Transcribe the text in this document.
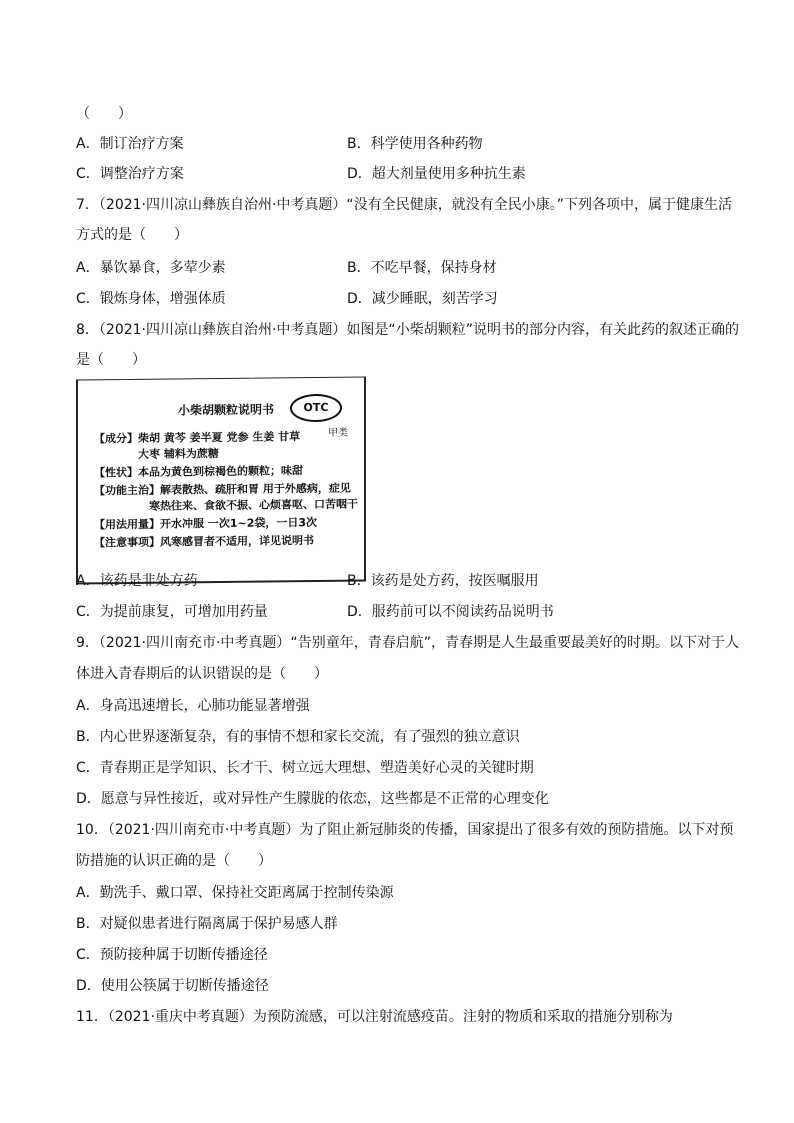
（　　）
A．制订治疗方案	B．科学使用各种药物
C．调整治疗方案	D．超大剂量使用多种抗生素
7．（2021·四川凉山彝族自治州·中考真题）“没有全民健康，就没有全民小康。”下列各项中，属于健康生活
方式的是（　　）
A．暴饮暴食，多荤少素	B．不吃早餐，保持身材
C．锻炼身体，增强体质	D．减少睡眠，刻苦学习
8．（2021·四川凉山彝族自治州·中考真题）如图是“小柴胡颗粒”说明书的部分内容，有关此药的叙述正确的
是（　　）
小柴胡颗粒说明书	OTC
甲类
【成分】柴胡 黄芩 姜半夏 党参 生姜 甘草
　　　　大枣 辅料为蔗糖
【性状】本品为黄色到棕褐色的颗粒；味甜
【功能主治】解表散热、疏肝和胃 用于外感病，症见
　　　　　寒热往来、食欲不振、心烦喜呕、口苦咽干
【用法用量】开水冲服 一次1~2袋，一日3次
【注意事项】风寒感冒者不适用，详见说明书
A．该药是非处方药	B．该药是处方药，按医嘱服用
C．为提前康复，可增加用药量	D．服药前可以不阅读药品说明书
9．（2021·四川南充市·中考真题）“告别童年，青春启航”，青春期是人生最重要最美好的时期。以下对于人
体进入青春期后的认识错误的是（　　）
A．身高迅速增长，心肺功能显著增强
B．内心世界逐渐复杂，有的事情不想和家长交流，有了强烈的独立意识
C．青春期正是学知识、长才干、树立远大理想、塑造美好心灵的关键时期
D．愿意与异性接近，或对异性产生朦胧的依恋，这些都是不正常的心理变化
10．（2021·四川南充市·中考真题）为了阻止新冠肺炎的传播，国家提出了很多有效的预防措施。以下对预
防措施的认识正确的是（　　）
A．勤洗手、戴口罩、保持社交距离属于控制传染源
B．对疑似患者进行隔离属于保护易感人群
C．预防接种属于切断传播途径
D．使用公筷属于切断传播途径
11．（2021·重庆中考真题）为预防流感，可以注射流感疫苗。注射的物质和采取的措施分别称为
